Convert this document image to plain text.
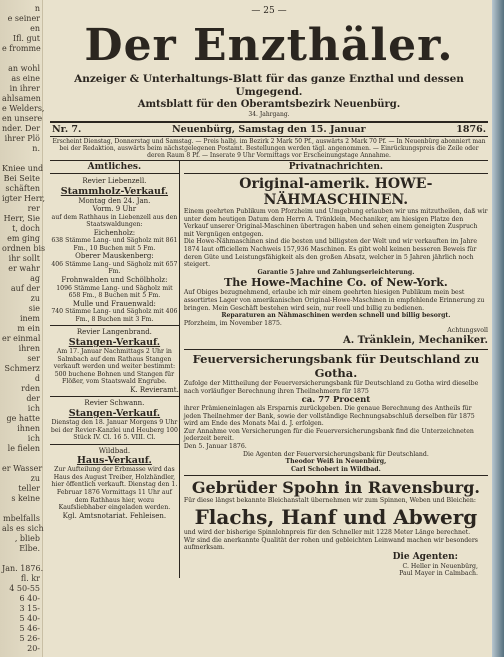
n
e seiner
en
Ifl. gut
e fromme
an wohl
as eine
in ihrer
ahlsamen
e Welders,
en unsere
nder. Der
ihrer Plö
n.
Kniee und
Bei Seite
schäften
igter Herr,
rer
Herr, Sie
t, doch
em ging
ordnen bis
ihr sollt
er wahr
ag
auf der
zu
sie
inem
m ein
er einmal
ihren
ser
Schmerz
d
rden
der
ich
ge hatte
ihnen
ich
le fielen
er Wasser
zu
teller
s keine
mbelfalls
als es sich
, blieb
Elbe.
Jan. 1876.
fl. kr
4 50-55
6 40-
3 15-
5 40-
5 46-
5 26-
20-
— 25 —
Der Enzthäler.
Anzeiger & Unterhaltungs-Blatt für das ganze Enzthal und dessen Umgegend.
Amtsblatt für den Oberamtsbezirk Neuenbürg.
34. Jahrgang.
Nr. 7.	Neuenbürg, Samstag den 15. Januar	1876.
Erscheint Dienstag, Donnerstag und Samstag. — Preis halbj. im Bezirk 2 Mark 50 Pf., auswärts 2 Mark 70 Pf. — In Neuenbürg abonniert man bei der Redaktion, auswärts beim nächstgelegenen Postamt. Bestellungen werden tägl. angenommen. — Einrückungspreis die Zeile oder deren Raum 8 Pf. — Inserate 9 Uhr Vormittags vor Erscheinungstage Annahme.
Amtliches.
Revier Liebenzell.
Stammholz-Verkauf.
Montag den 24. Jan.
Vorm. 9 Uhr
auf dem Rathhaus in Liebenzell aus den Staatswaldungen:
Eichenholz:
638 Stämme Lang- und Sägholz mit 861 Fm., 10 Buchen mit 5 Fm.
Oberer Mauskenberg:
406 Stämme Lang- und Sägholz mit 657 Fm.
Frohnwalden und Schölbholz:
1096 Stämme Lang- und Sägholz mit 658 Fm., 8 Buchen mit 5 Fm.
Mulle und Frauenwald:
740 Stämme Lang- und Sägholz mit 406 Fm., 8 Buchen mit 3 Fm.
Revier Langenbrand.
Stangen-Verkauf.
Am 17. Januar Nachmittags 2 Uhr in Salmbach auf dem Rathaus Stangen verkauft werden und weiter bestimmt: 500 buchene Bohnen und Stangen für Flößer, vom Staatswald Engrube.
K. Revieramt.
Revier Schwann.
Stangen-Verkauf.
Dienstag den 18. Januar Morgens 9 Uhr bei der Revier-Kanzlei und Heuberg 100 Stück IV. Cl. 16 5. VIII. Cl.
Wildbad.
Haus-Verkauf.
Zur Aufteilung der Erbmasse wird das Haus des August Treiber, Holzhändler, hier öffentlich verkauft. Dienstag den 1. Februar 1876 Vormittags 11 Uhr auf dem Rathhaus hier, wozu Kaufsliebhaber eingeladen werden.
Kgl. Amtsnotariat. Fehleisen.
Privatnachrichten.
Original-amerik. HOWE-NÄHMASCHINEN.
Einem geehrten Publikum von Pforzheim und Umgebung erlauben wir uns mitzutheilen, daß wir unter dem heutigen Datum dem Herrn A. Tränklein, Mechaniker, am hiesigen Platze den Verkauf unserer Original-Maschinen übertragen haben und sehen einem geneigten Zuspruch mit Vergnügen entgegen.
Die Howe-Nähmaschinen sind die besten und billigsten der Welt und wir verkauften im Jahre 1874 laut officiellem Nachweis 157,936 Maschinen. Es gibt wohl keinen besseren Beweis für deren Güte und Leistungsfähigkeit als den großen Absatz, welcher in 5 Jahren jährlich noch steigert.
Garantie 5 Jahre und Zahlungserleichterung.
The Howe-Machine Co. of New-York.
Auf Obiges bezugnehmend, erlaube ich mir einem geehrten hiesigen Publikum mein best assortirtes Lager von amerikanischen Original-Howe-Maschinen in empfehlende Erinnerung zu bringen. Mein Geschäft bestehen wird sein, nur reell und billig zu bedienen.
Reparaturen an Nähmaschinen werden schnell und billig besorgt.
Pforzheim, im November 1875.
Achtungsvoll
A. Tränklein, Mechaniker.
Feuerversicherungsbank für Deutschland zu Gotha.
Zufolge der Mittheilung der Feuerversicherungsbank für Deutschland zu Gotha wird dieselbe nach vorläufiger Berechnung ihren Theilnehmern für 1875
ca. 77 Procent
ihrer Prämieneinlagen als Ersparnis zurückgeben. Die genaue Berechnung des Antheils für jeden Theilnehmer der Bank, sowie der vollständige Rechnungsabschluß derselben für 1875 wird am Ende des Monats Mai d. J. erfolgen.
Zur Annahme von Versicherungen für die Feuerversicherungsbank find die Unterzeichneten jederzeit bereit.
Den 5. Januar 1876.
Die Agenten der Feuerversicherungsbank für Deutschland.
Theodor Weiß in Neuenbürg,
Carl Schobert in Wildbad.
Gebrüder Spohn in Ravensburg.
Für diese längst bekannte Bleichanstalt übernehmen wir zum Spinnen, Weben und Bleichen:
Flachs, Hanf und Abwerg
und wird der bisherige Spinnlohnpreis für den Schneller mit 1228 Meter Länge berechnet.
Wir sind die anerkannte Qualität der rohen und gebleichten Leinwand machen wir besonders aufmerksam.
Die Agenten:
C. Heller in Neuenbürg,
Paul Mayer in Calmbach.
